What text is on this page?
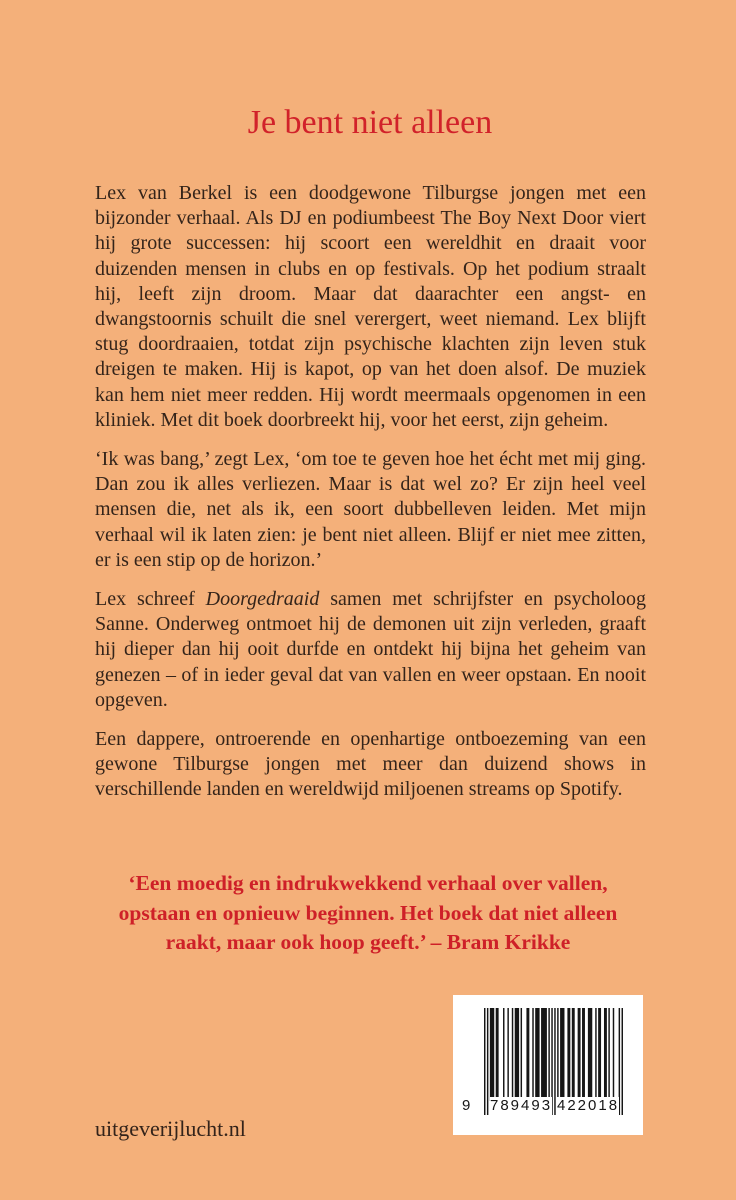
Je bent niet alleen

Lex van Berkel is een doodgewone Tilburgse jongen met een bijzonder verhaal. Als DJ en podiumbeest The Boy Next Door viert hij grote successen: hij scoort een wereldhit en draait voor duizenden mensen in clubs en op festivals. Op het podium straalt hij, leeft zijn droom. Maar dat daarachter een angst- en dwangstoornis schuilt die snel verergert, weet niemand. Lex blijft stug doordraaien, totdat zijn psychische klachten zijn leven stuk dreigen te maken. Hij is kapot, op van het doen alsof. De muziek kan hem niet meer redden. Hij wordt meermaals opgenomen in een kliniek. Met dit boek doorbreekt hij, voor het eerst, zijn geheim.

‘Ik was bang,’ zegt Lex, ‘om toe te geven hoe het écht met mij ging. Dan zou ik alles verliezen. Maar is dat wel zo? Er zijn heel veel mensen die, net als ik, een soort dubbelleven leiden. Met mijn verhaal wil ik laten zien: je bent niet alleen. Blijf er niet mee zitten, er is een stip op de horizon.’

Lex schreef Doorgedraaid samen met schrijfster en psycholoog Sanne. Onderweg ontmoet hij de demonen uit zijn verleden, graaft hij dieper dan hij ooit durfde en ontdekt hij bijna het geheim van genezen – of in ieder geval dat van vallen en weer opstaan. En nooit opgeven.

Een dappere, ontroerende en openhartige ontboezeming van een gewone Tilburgse jongen met meer dan duizend shows in verschillende landen en wereldwijd miljoenen streams op Spotify.

‘Een moedig en indrukwekkend verhaal over vallen,
opstaan en opnieuw beginnen. Het boek dat niet alleen
raakt, maar ook hoop geeft.’ – Bram Krikke
9 789493 422018
uitgeverijlucht.nl
